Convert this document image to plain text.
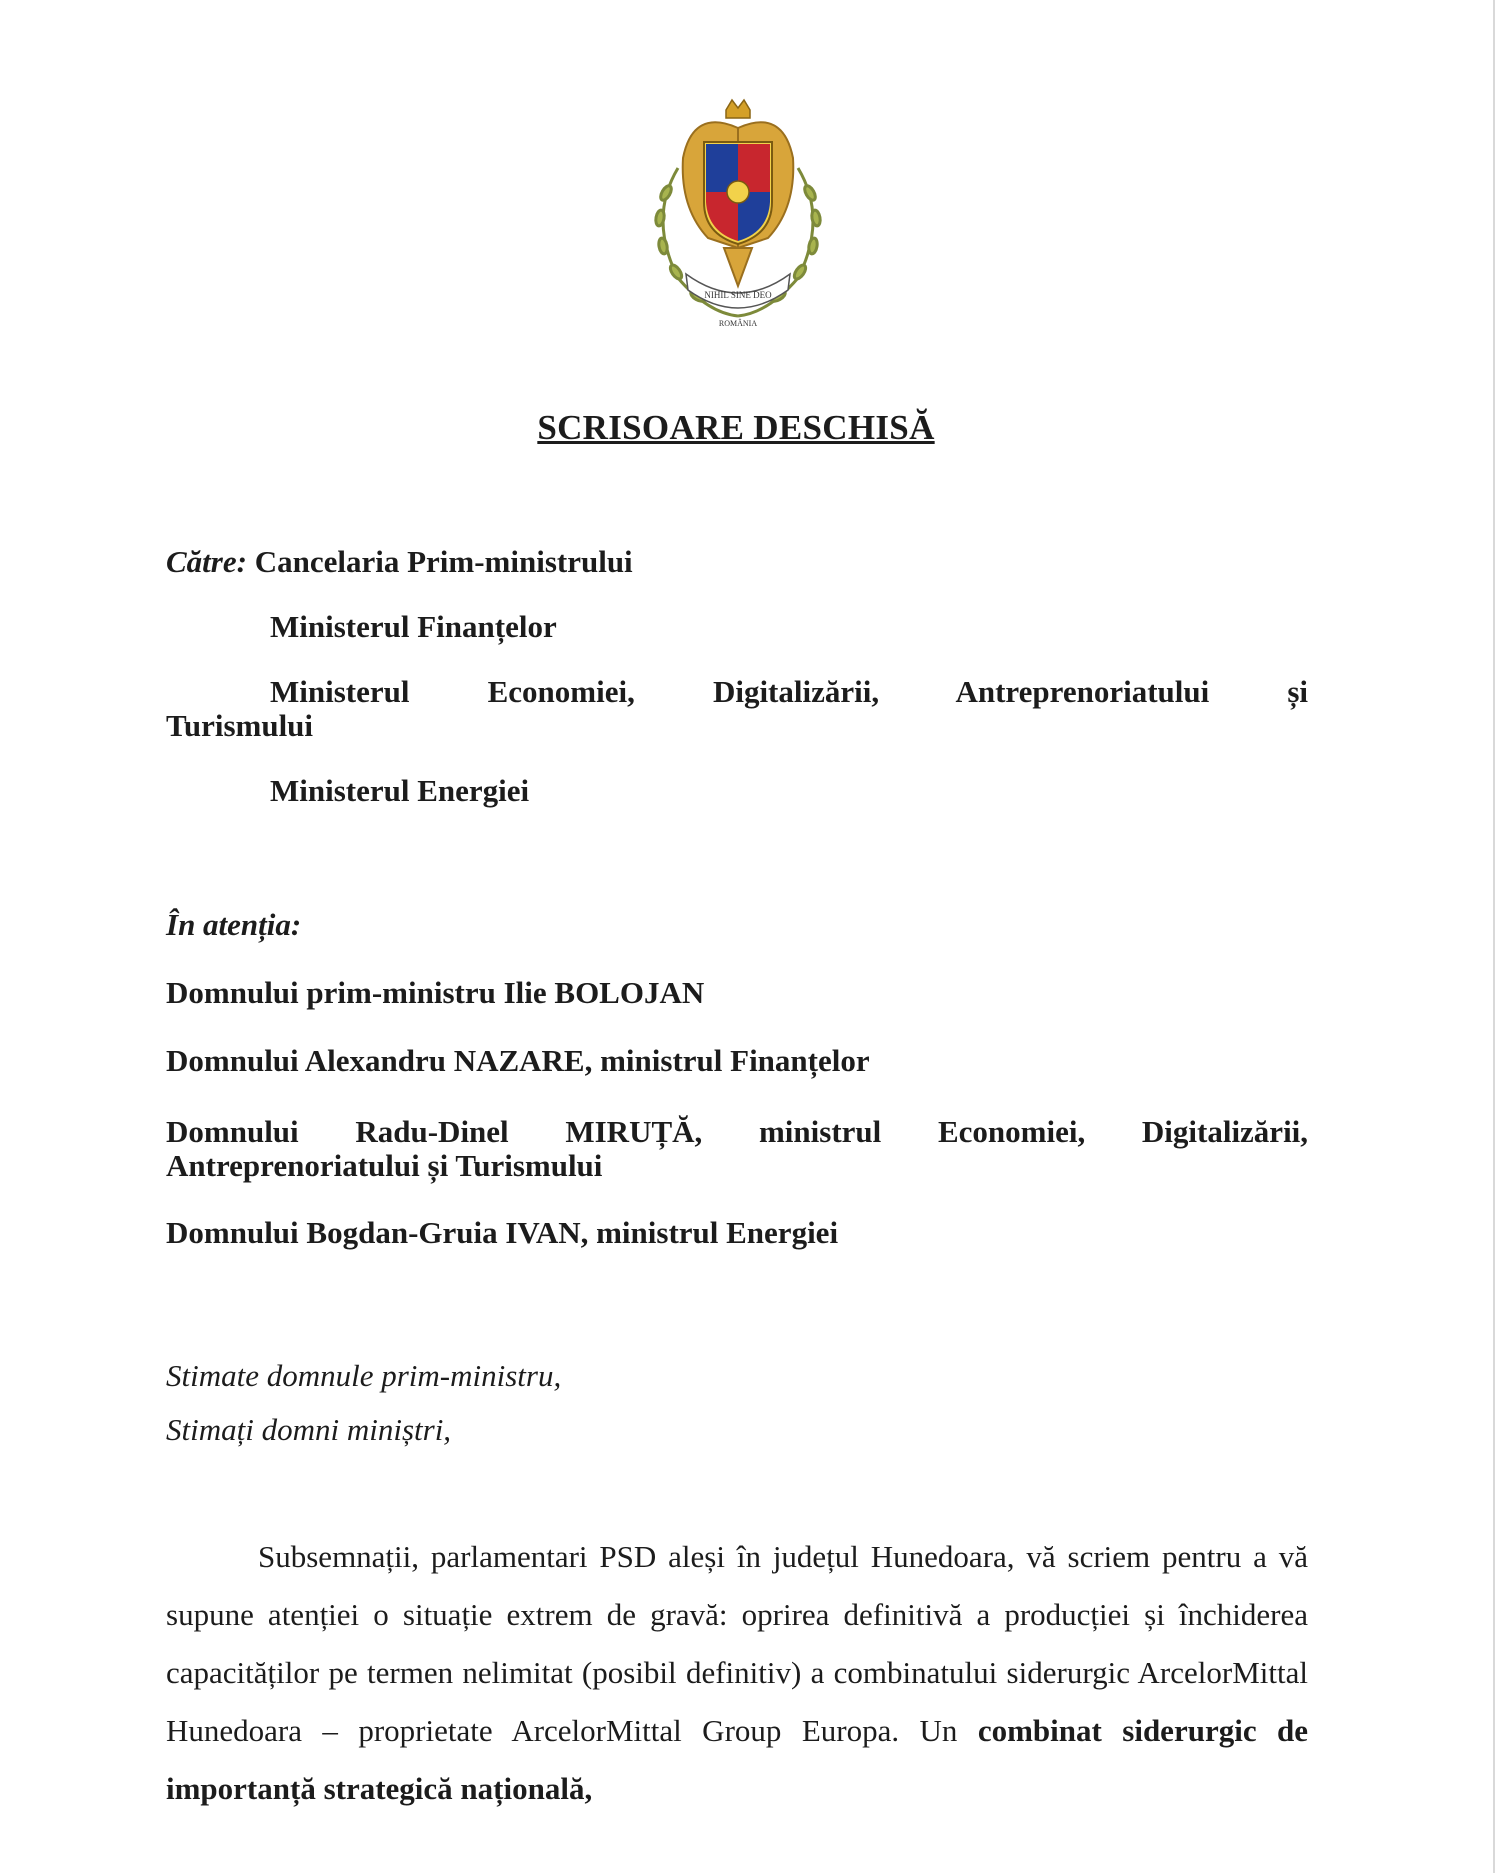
NIHIL SINE DEO
ROMÂNIA
SCRISOARE DESCHISĂ
Către: Cancelaria Prim-ministrului
Ministerul Finanțelor
Ministerul	Economiei,	Digitalizării, Antreprenoriatului	și
Turismului
Ministerul Energiei
În atenția:
Domnului prim-ministru Ilie BOLOJAN
Domnului Alexandru NAZARE, ministrul Finanțelor
Domnului Radu-Dinel MIRUȚĂ, ministrul Economiei, Digitalizării,
Antreprenoriatului și Turismului
Domnului Bogdan-Gruia IVAN, ministrul Energiei
Stimate domnule prim-ministru,
Stimați domni miniștri,
Subsemnații, parlamentari PSD aleși în județul Hunedoara, vă scriem pentru a vă supune atenției o situație extrem de gravă: oprirea definitivă a producției și închiderea capacităților pe termen nelimitat (posibil definitiv) a combinatului siderurgic ArcelorMittal Hunedoara – proprietate ArcelorMittal Group Europa. Un combinat siderurgic de importanță strategică națională,
